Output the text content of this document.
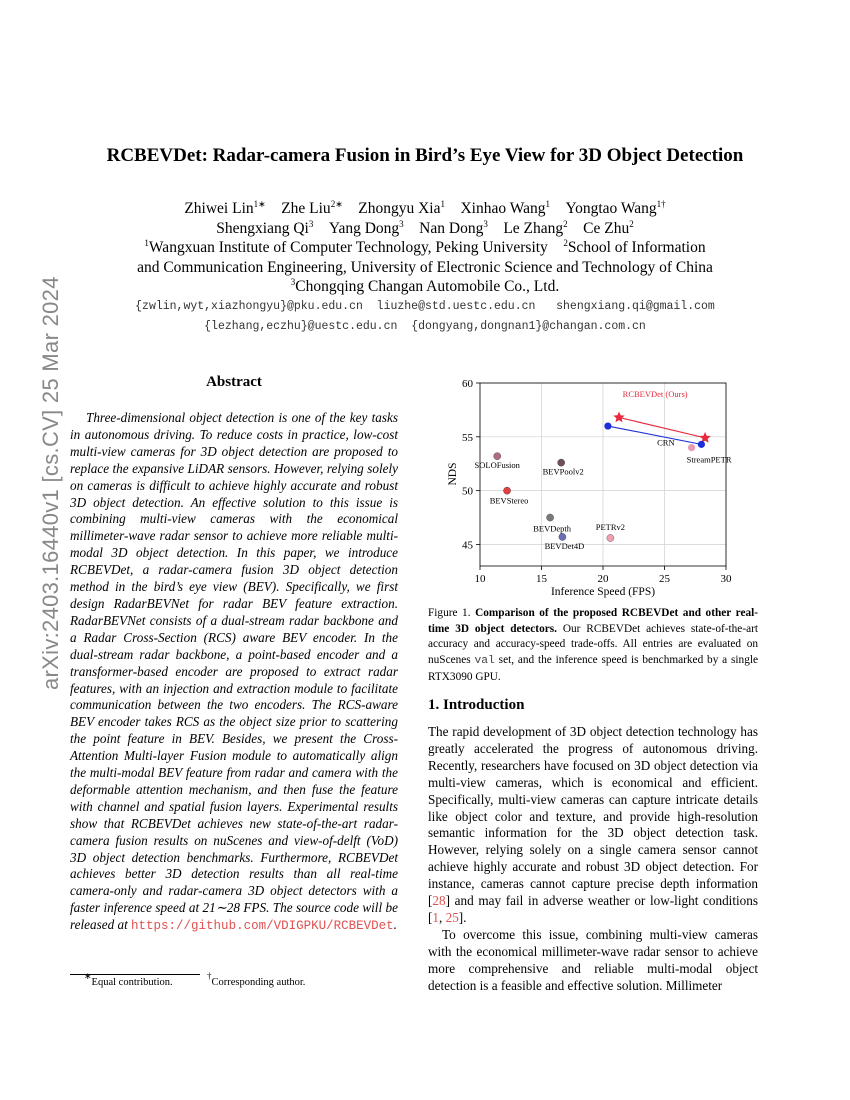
arXiv:2403.16440v1 [cs.CV] 25 Mar 2024
RCBEVDet: Radar-camera Fusion in Bird’s Eye View for 3D Object Detection
Zhiwei Lin$^{1∗}$ Zhe Liu$^{2∗}$ Zhongyu Xia$^1$ Xinhao Wang$^1$ Yongtao Wang$^{1\dagger}$
Shengxiang Qi$^3$ Yang Dong$^3$ Nan Dong$^3$ Le Zhang$^2$ Ce Zhu$^2$
$^1$Wangxuan Institute of Computer Technology, Peking University $^2$School of Information
and Communication Engineering, University of Electronic Science and Technology of China
$^3$Chongqing Changan Automobile Co., Ltd.
{zwlin,wyt,xiazhongyu}@pku.edu.cn  liuzhe@std.uestc.edu.cn   shengxiang.qi@gmail.com
{lezhang,eczhu}@uestc.edu.cn  {dongyang,dongnan1}@changan.com.cn
Abstract
Three-dimensional object detection is one of the key tasks in autonomous driving. To reduce costs in practice, low-cost multi-view cameras for 3D object detection are proposed to replace the expansive LiDAR sensors. However, relying solely on cameras is difficult to achieve highly accurate and robust 3D object detection. An effective solution to this issue is combining multi-view cameras with the economical millimeter-wave radar sensor to achieve more reliable multi-modal 3D object detection. In this paper, we introduce RCBEVDet, a radar-camera fusion 3D object detection method in the bird’s eye view (BEV). Specifically, we first design RadarBEVNet for radar BEV feature extraction. RadarBEVNet consists of a dual-stream radar backbone and a Radar Cross-Section (RCS) aware BEV encoder. In the dual-stream radar backbone, a point-based encoder and a transformer-based encoder are proposed to extract radar features, with an injection and extraction module to facilitate communication between the two encoders. The RCS-aware BEV encoder takes RCS as the object size prior to scattering the point feature in BEV. Besides, we present the Cross-Attention Multi-layer Fusion module to automatically align the multi-modal BEV feature from radar and camera with the deformable attention mechanism, and then fuse the feature with channel and spatial fusion layers. Experimental results show that RCBEVDet achieves new state-of-the-art radar-camera fusion results on nuScenes and view-of-delft (VoD) 3D object detection benchmarks. Furthermore, RCBEVDet achieves better 3D detection results than all real-time camera-only and radar-camera 3D object detectors with a faster inference speed at 21∼28 FPS. The source code will be released at https://github.com/VDIGPKU/RCBEVDet.
∗Equal contribution.
†Corresponding author.
10	15	20	25	30
45
50
55
60
SOLOFusion
BEVPoolv2
BEVStereo
BEVDepth
BEVDet4D
PETRv2
RCBEVDet (Ours)
CRN
StreamPETR
Inference Speed (FPS)
NDS
Figure 1. Comparison of the proposed RCBEVDet and other real-time 3D object detectors. Our RCBEVDet achieves state-of-the-art accuracy and accuracy-speed trade-offs. All entries are evaluated on nuScenes val set, and the inference speed is benchmarked by a single RTX3090 GPU.
1. Introduction

The rapid development of 3D object detection technology has greatly accelerated the progress of autonomous driving. Recently, researchers have focused on 3D object detection via multi-view cameras, which is economical and efficient. Specifically, multi-view cameras can capture intricate details like object color and texture, and provide high-resolution semantic information for the 3D object detection task. However, relying solely on a single camera sensor cannot achieve highly accurate and robust 3D object detection. For instance, cameras cannot capture precise depth information [28] and may fail in adverse weather or low-light conditions [1, 25].

To overcome this issue, combining multi-view cameras with the economical millimeter-wave radar sensor to achieve more comprehensive and reliable multi-modal object detection is a feasible and effective solution. Millimeter
